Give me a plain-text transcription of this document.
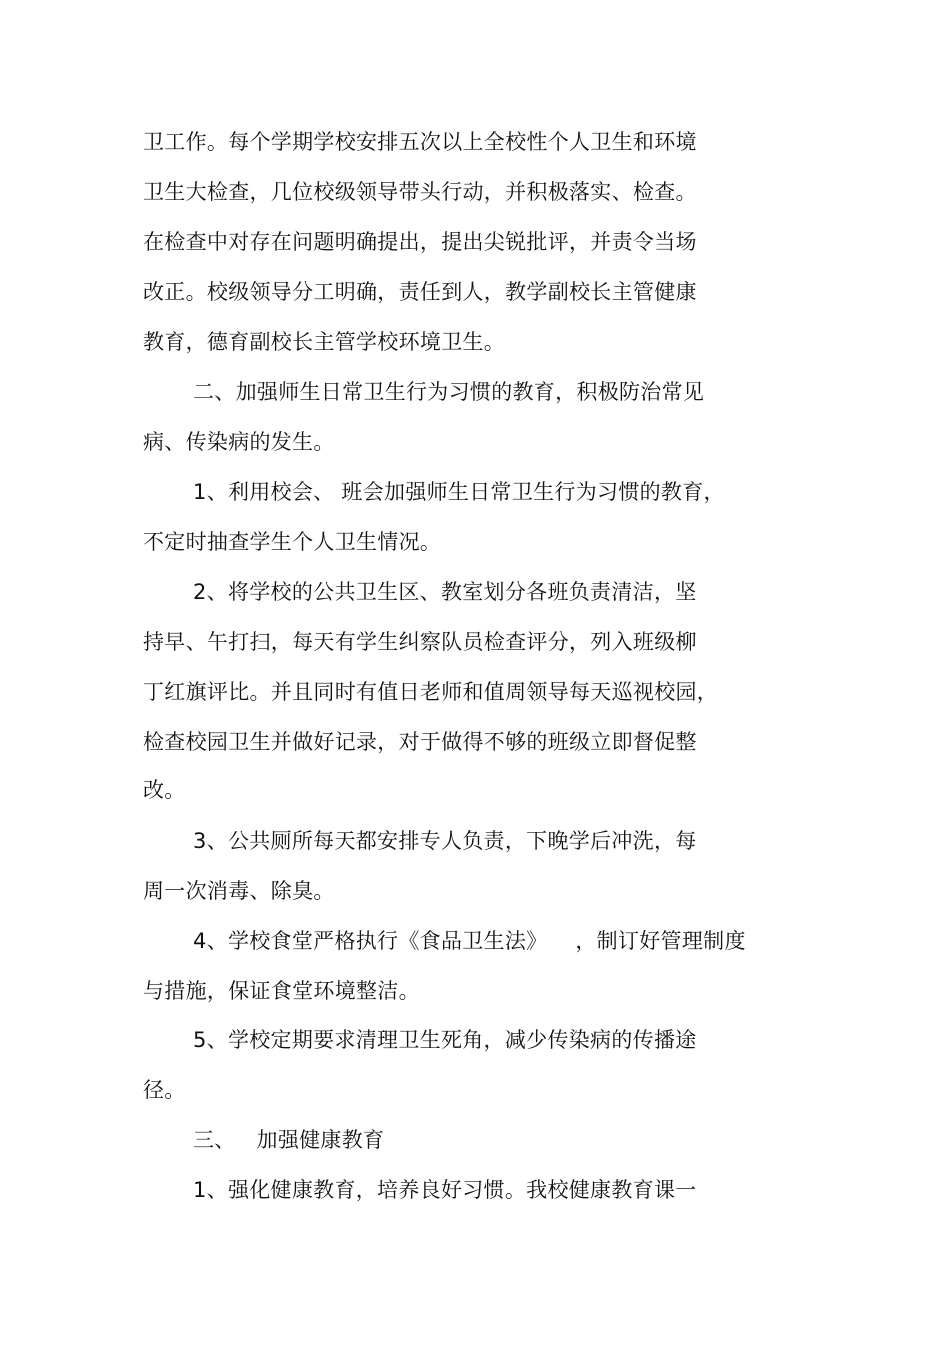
卫工作。每个学期学校安排五次以上全校性个人卫生和环境
卫生大检查，几位校级领导带头行动，并积极落实、检查。
在检查中对存在问题明确提出，提出尖锐批评，并责令当场
改正。校级领导分工明确，责任到人，教学副校长主管健康
教育，德育副校长主管学校环境卫生。
二、加强师生日常卫生行为习惯的教育，积极防治常见
病、传染病的发生。
1、利用校会、 班会加强师生日常卫生行为习惯的教育，
不定时抽查学生个人卫生情况。
2、将学校的公共卫生区、教室划分各班负责清洁，坚
持早、午打扫，每天有学生纠察队员检查评分，列入班级柳
丁红旗评比。并且同时有值日老师和值周领导每天巡视校园，
检查校园卫生并做好记录，对于做得不够的班级立即督促整
改。
3、公共厕所每天都安排专人负责，下晚学后冲洗，每
周一次消毒、除臭。
4、学校食堂严格执行《食品卫生法》    ，制订好管理制度
与措施，保证食堂环境整洁。
5、学校定期要求清理卫生死角，减少传染病的传播途
径。
三、   加强健康教育
1、强化健康教育，培养良好习惯。我校健康教育课一
